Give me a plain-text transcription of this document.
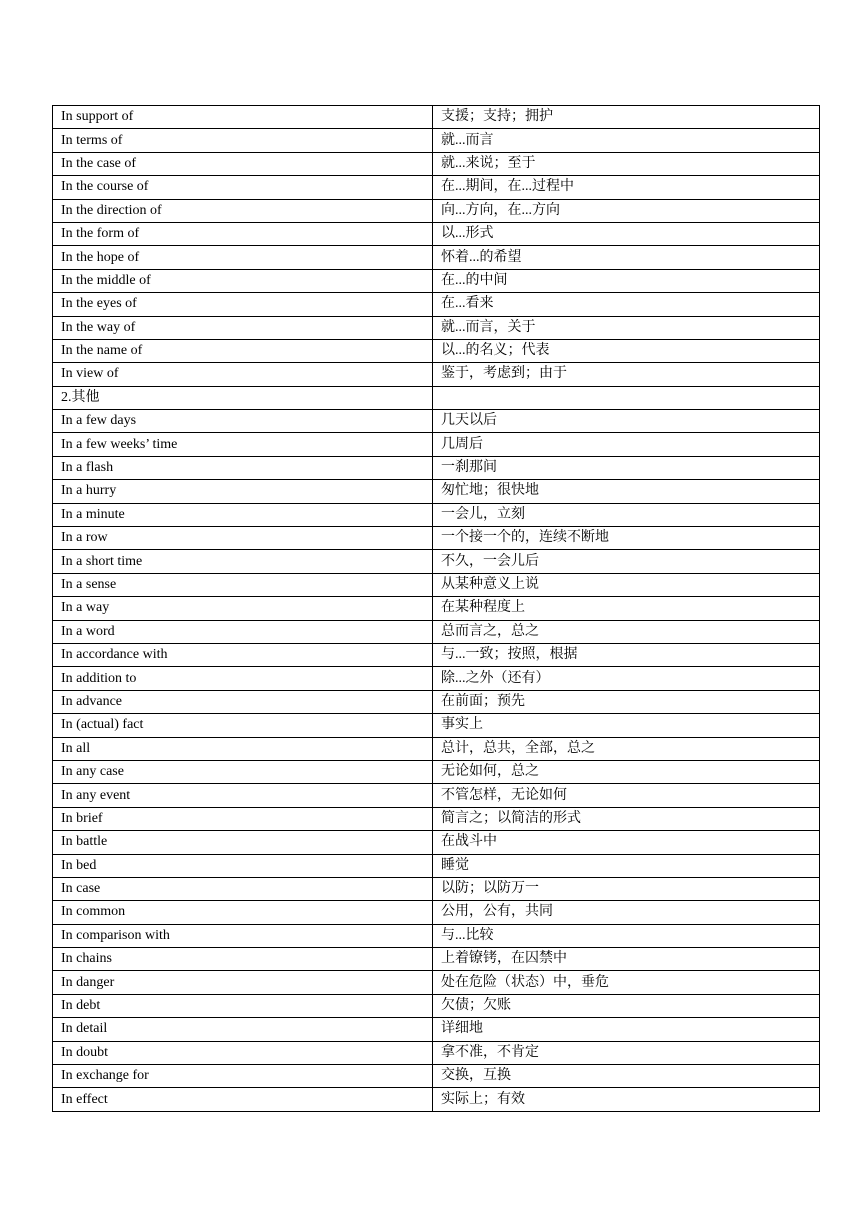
In support of	支援；支持；拥护
In terms of	就...而言
In the case of	就...来说；至于
In the course of	在...期间，在...过程中
In the direction of	向...方向，在...方向
In the form of	以...形式
In the hope of	怀着...的希望
In the middle of	在...的中间
In the eyes of	在...看来
In the way of	就...而言，关于
In the name of	以...的名义；代表
In view of	鉴于，考虑到；由于
2.其他	
In a few days	几天以后
In a few weeks’ time	几周后
In a flash	一刹那间
In a hurry	匆忙地；很快地
In a minute	一会儿，立刻
In a row	一个接一个的，连续不断地
In a short time	不久，一会儿后
In a sense	从某种意义上说
In a way	在某种程度上
In a word	总而言之，总之
In accordance with	与...一致；按照，根据
In addition to	除...之外（还有）
In advance	在前面；预先
In (actual) fact	事实上
In all	总计，总共，全部，总之
In any case	无论如何，总之
In any event	不管怎样，无论如何
In brief	简言之；以简洁的形式
In battle	在战斗中
In bed	睡觉
In case	以防；以防万一
In common	公用，公有，共同
In comparison with	与...比较
In chains	上着镣铐，在囚禁中
In danger	处在危险（状态）中，垂危
In debt	欠债；欠账
In detail	详细地
In doubt	拿不准，不肯定
In exchange for	交换，互换
In effect	实际上；有效
